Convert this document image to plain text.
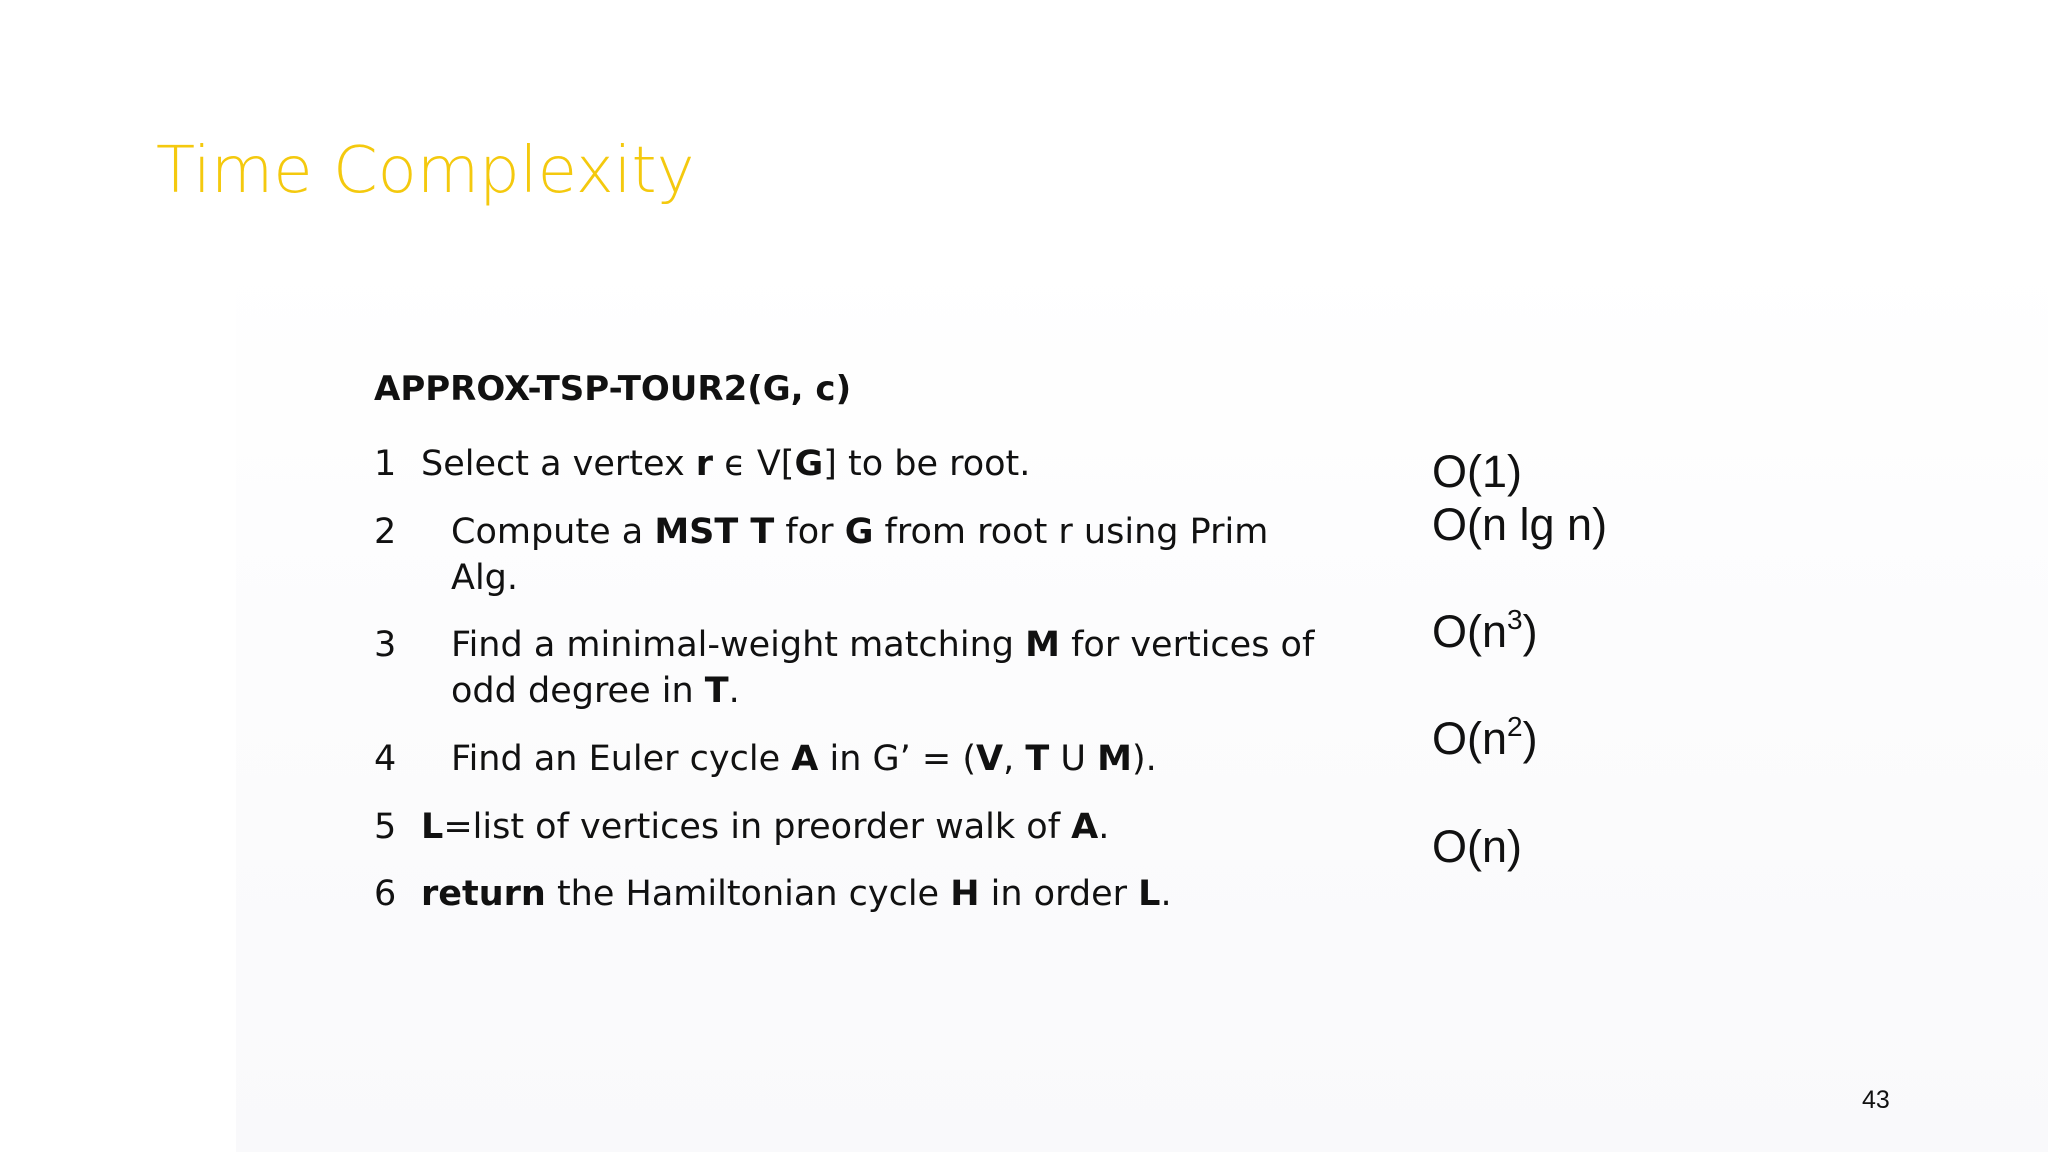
Time Complexity
APPROX-TSP-TOUR2(G, c)
1 Select a vertex r ϵ V[G] to be root.
2 Compute a MST T for G from root r using Prim
Alg.
3 Find a minimal-weight matching M for vertices of
odd degree in T.
4 Find an Euler cycle A in G’ = (V, T U M).
5 L=list of vertices in preorder walk of A.
6 return the Hamiltonian cycle H in order L.
O(1)
O(n lg n)
$O(n^3)$
$O(n^2)$
O(n)
43
